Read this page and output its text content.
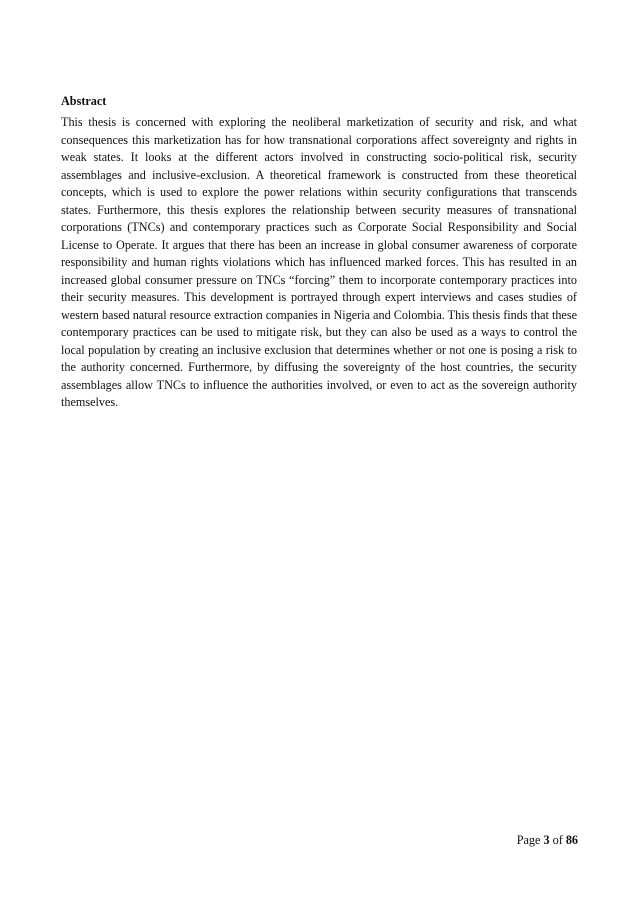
Abstract

This thesis is concerned with exploring the neoliberal marketization of security and risk, and what consequences this marketization has for how transnational corporations affect sovereignty and rights in weak states. It looks at the different actors involved in constructing socio-political risk, security assemblages and inclusive-exclusion. A theoretical framework is constructed from these theoretical concepts, which is used to explore the power relations within security configurations that transcends states. Furthermore, this thesis explores the relationship between security measures of transnational corporations (TNCs) and contemporary practices such as Corporate Social Responsibility and Social License to Operate. It argues that there has been an increase in global consumer awareness of corporate responsibility and human rights violations which has influenced marked forces. This has resulted in an increased global consumer pressure on TNCs “forcing” them to incorporate contemporary practices into their security measures. This development is portrayed through expert interviews and cases studies of western based natural resource extraction companies in Nigeria and Colombia. This thesis finds that these contemporary practices can be used to mitigate risk, but they can also be used as a ways to control the local population by creating an inclusive exclusion that determines whether or not one is posing a risk to the authority concerned. Furthermore, by diffusing the sovereignty of the host countries, the security assemblages allow TNCs to influence the authorities involved, or even to act as the sovereign authority themselves.

Page 3 of 86
